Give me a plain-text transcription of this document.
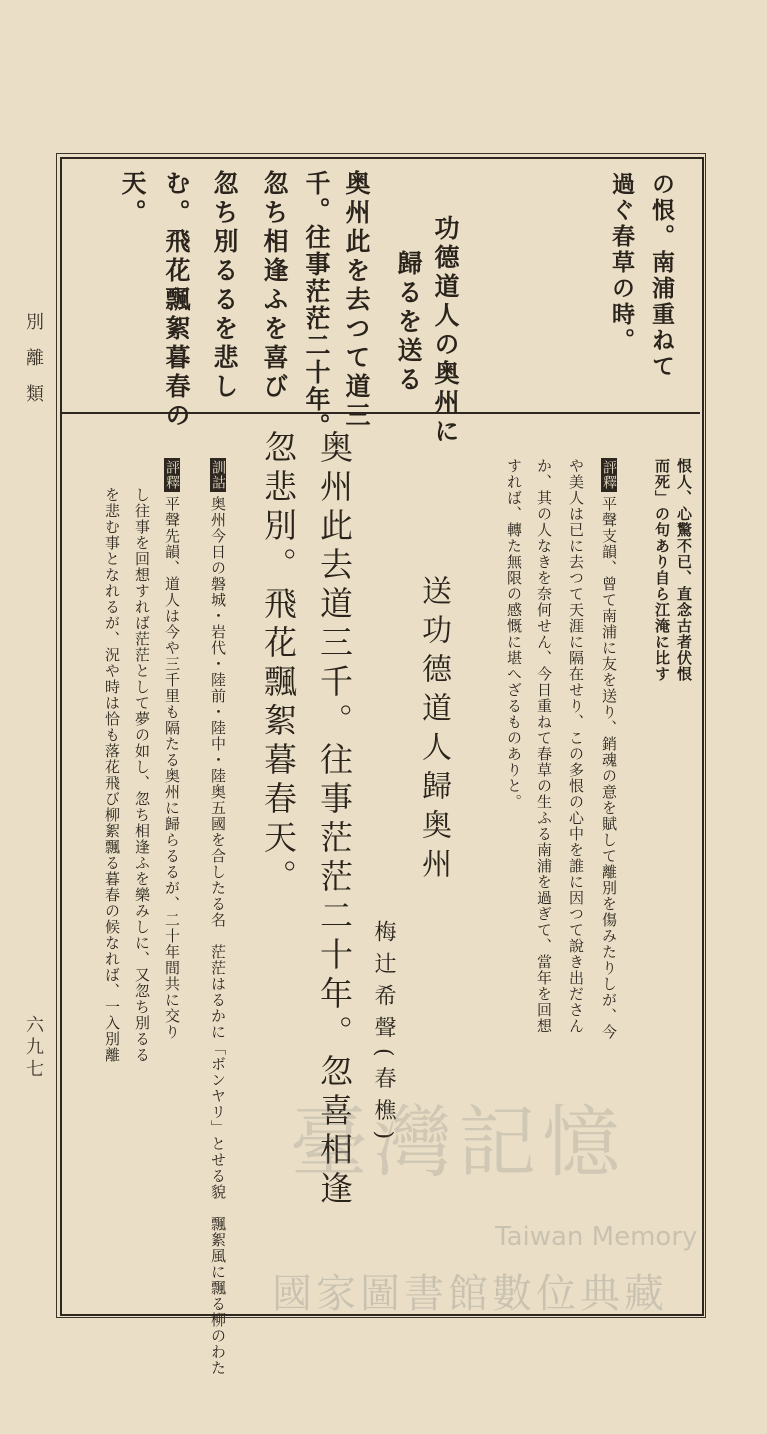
別離類
六九七
の恨。南浦重ねて
過ぐ春草の時。
功德道人の奥州に
歸るを送る
奥州此を去つて道三
千。往事茫茫二十年。
忽ち相逢ふを喜び
忽ち別るるを悲し
む。飛花飄絮暮春の
天。
恨人、心驚不已、直念古者伏恨
而死」の句あり自ら江淹に比す
評釋平聲支韻、曾て南浦に友を送り、銷魂の意を賦して離別を傷みたりしが、今
や美人は已に去つて天涯に隔在せり、この多恨の心中を誰に因つて說き出ださん
か、其の人なきを奈何せん、今日重ねて春草の生ふる南浦を過ぎて、當年を回想
すれば、轉た無限の感慨に堪へざるものありと。
送功德道人歸奥州
梅辻希聲(春樵)
奥州此去道三千。往事茫茫二十年。忽喜相逢
忽悲別。飛花飄絮暮春天。
訓詁奥州今日の磐城・岩代・陸前・陸中・陸奥五國を合したる名　茫茫はるかに「ボンヤリ」とせる貌　飄絮風に飄る柳のわた
評釋平聲先韻、道人は今や三千里も隔たる奥州に歸らるるが、二十年間共に交り
し往事を回想すれば茫茫として夢の如し、忽ち相逢ふを樂みしに、又忽ち別るる
を悲む事となれるが、況や時は恰も落花飛び柳絮飄る暮春の候なれば、一入別離
臺灣記憶
Taiwan Memory
國家圖書館數位典藏
